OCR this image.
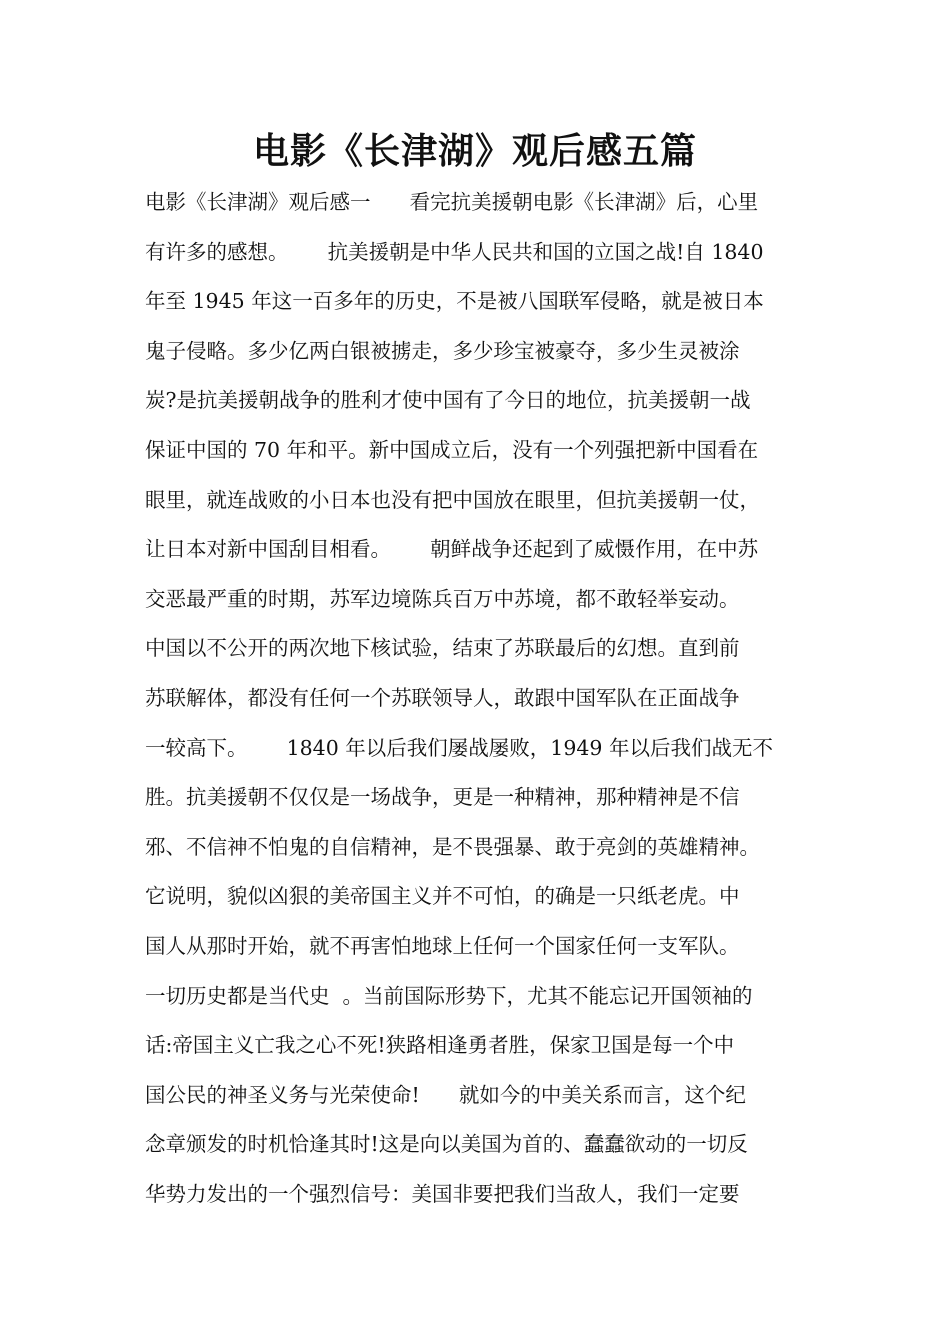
电影《长津湖》观后感五篇
电影《长津湖》观后感一      看完抗美援朝电影《长津湖》后，心里
有许多的感想。      抗美援朝是中华人民共和国的立国之战!自 1840
年至 1945 年这一百多年的历史，不是被八国联军侵略，就是被日本
鬼子侵略。多少亿两白银被掳走，多少珍宝被豪夺，多少生灵被涂
炭?是抗美援朝战争的胜利才使中国有了今日的地位，抗美援朝一战
保证中国的 70 年和平。新中国成立后，没有一个列强把新中国看在
眼里，就连战败的小日本也没有把中国放在眼里，但抗美援朝一仗，
让日本对新中国刮目相看。      朝鲜战争还起到了威慑作用，在中苏
交恶最严重的时期，苏军边境陈兵百万中苏境，都不敢轻举妄动。
中国以不公开的两次地下核试验，结束了苏联最后的幻想。直到前
苏联解体，都没有任何一个苏联领导人，敢跟中国军队在正面战争
一较高下。      1840 年以后我们屡战屡败，1949 年以后我们战无不
胜。抗美援朝不仅仅是一场战争，更是一种精神，那种精神是不信
邪、不信神不怕鬼的自信精神，是不畏强暴、敢于亮剑的英雄精神。
它说明，貌似凶狠的美帝国主义并不可怕，的确是一只纸老虎。中
国人从那时开始，就不再害怕地球上任何一个国家任何一支军队。
一切历史都是当代史  。当前国际形势下，尤其不能忘记开国领袖的
话:帝国主义亡我之心不死!狭路相逢勇者胜，保家卫国是每一个中
国公民的神圣义务与光荣使命!      就如今的中美关系而言，这个纪
念章颁发的时机恰逢其时!这是向以美国为首的、蠢蠢欲动的一切反
华势力发出的一个强烈信号：美国非要把我们当敌人，我们一定要
